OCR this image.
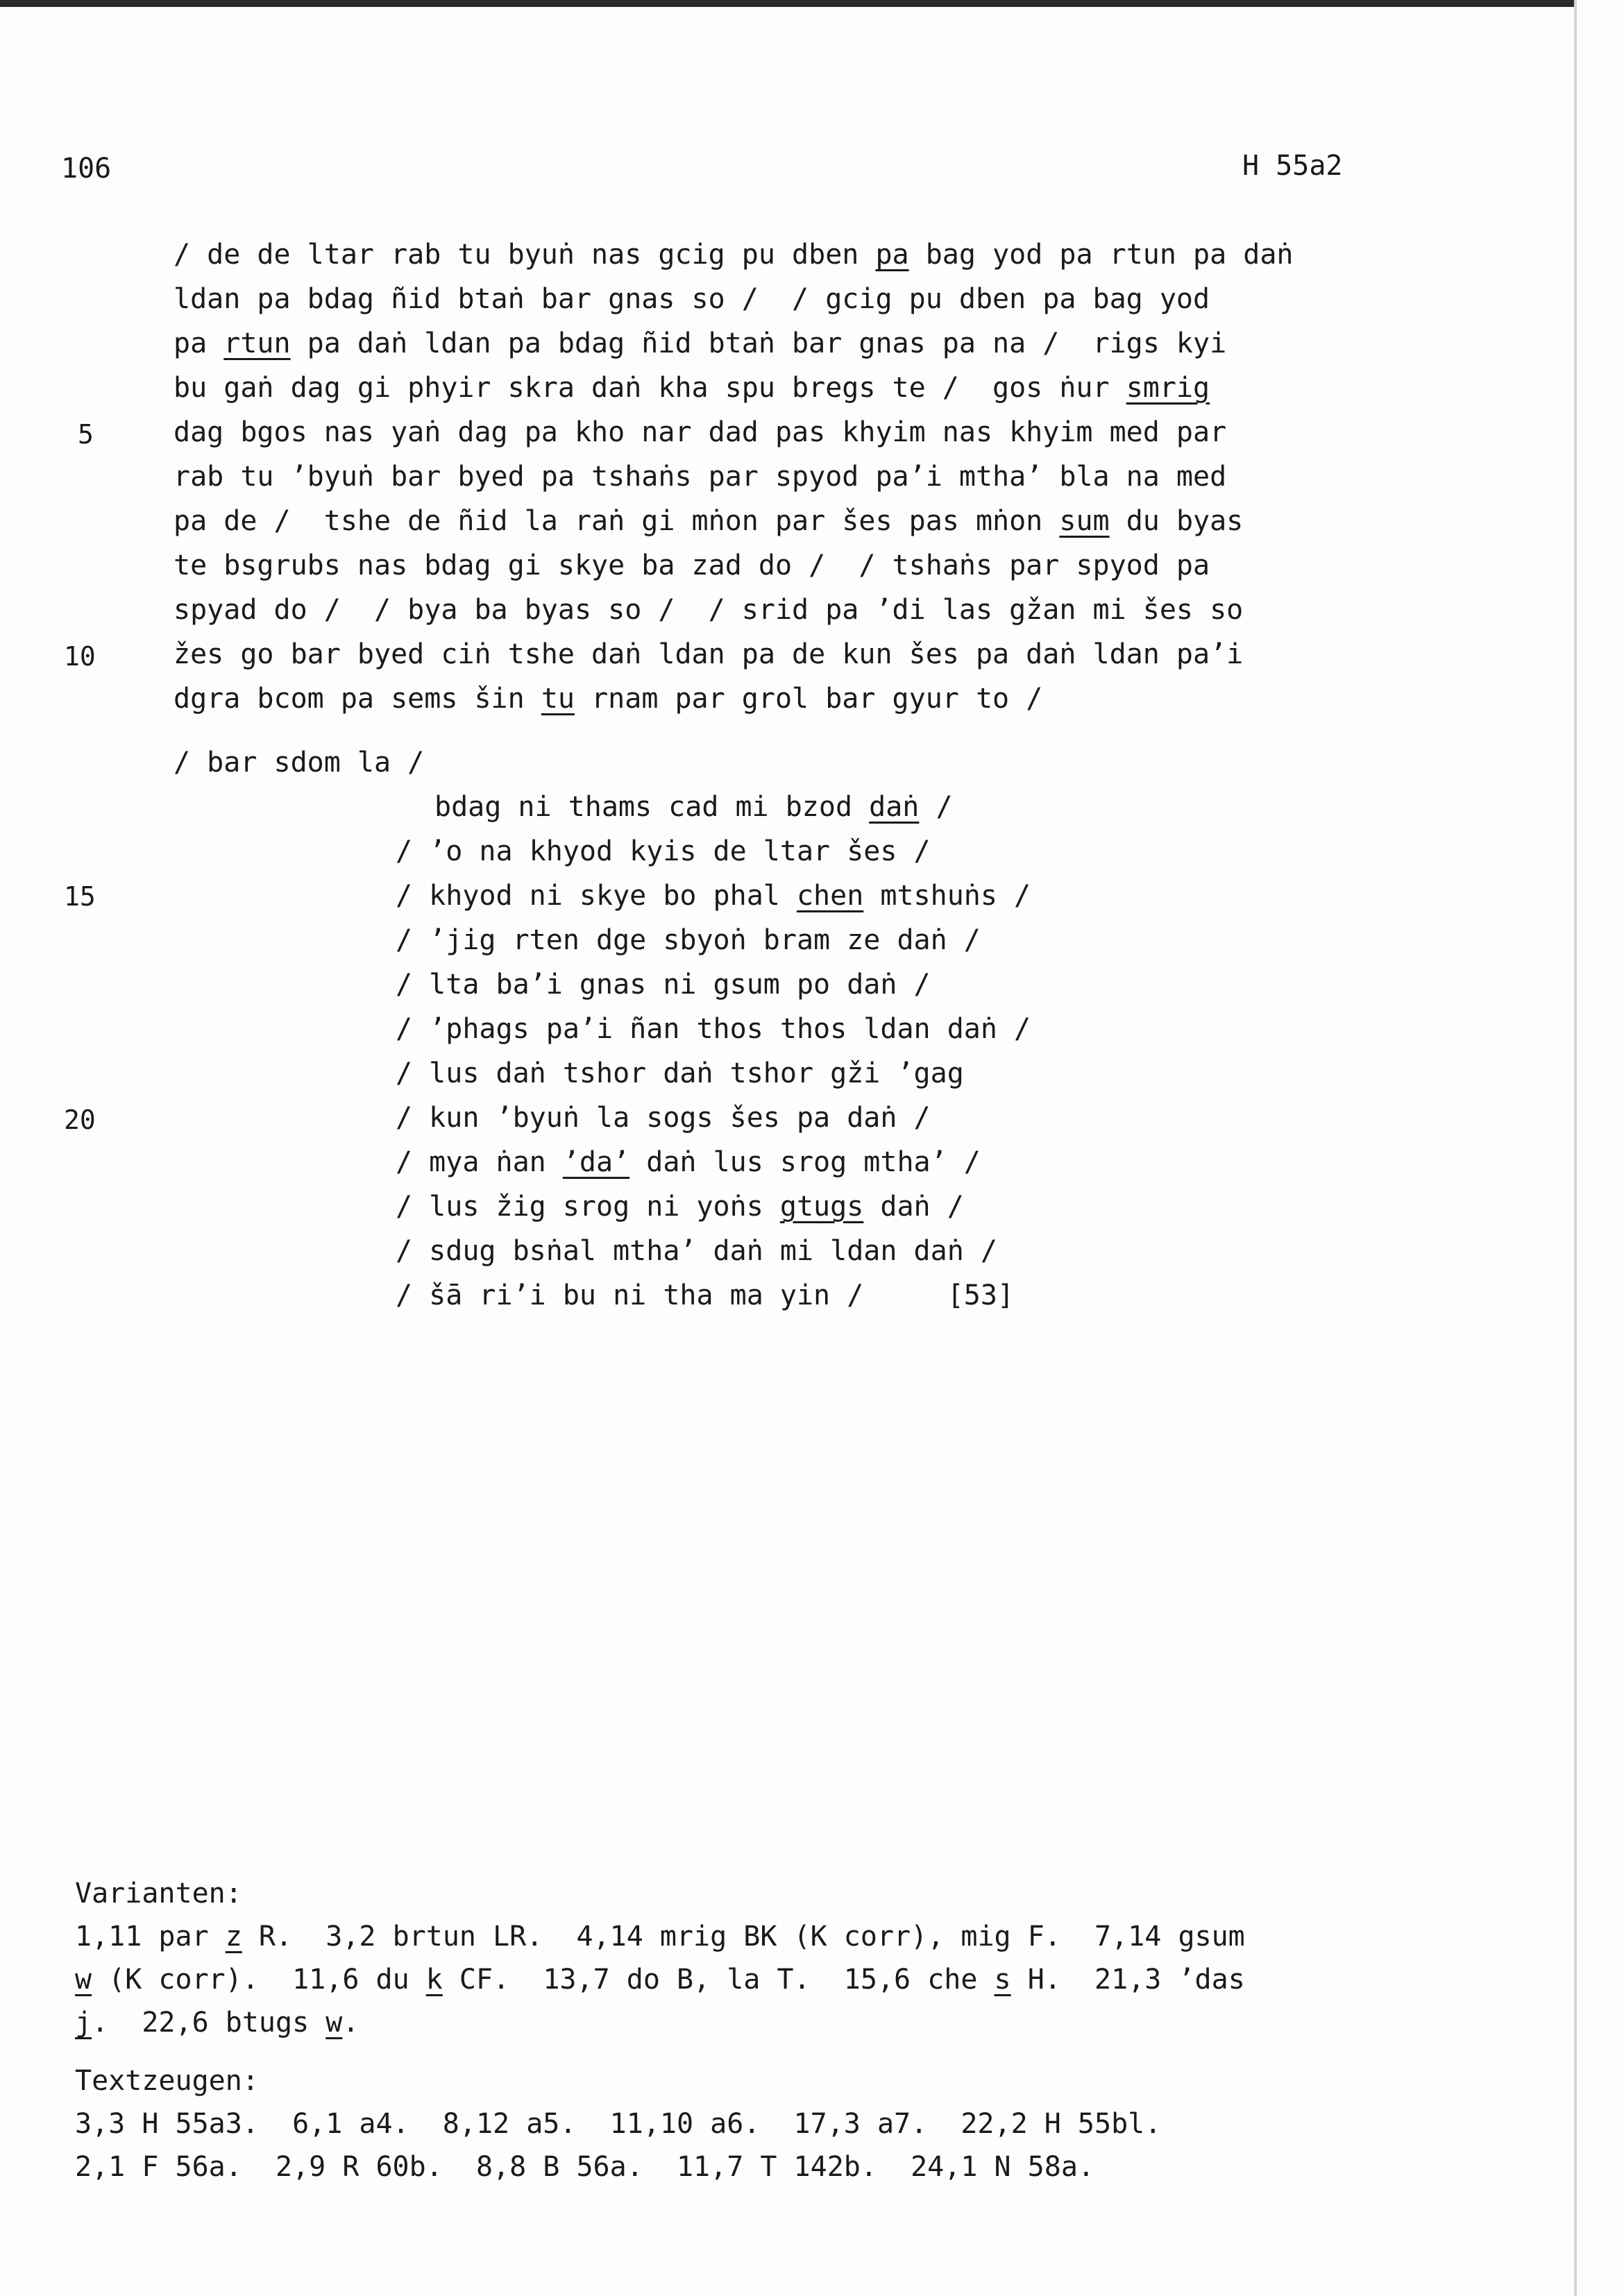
106	H 55a2
/ de de ltar rab tu byuṅ nas gcig pu dben pa bag yod pa rtun pa daṅ
ldan pa bdag ñid btaṅ bar gnas so /  / gcig pu dben pa bag yod
pa rtun pa daṅ ldan pa bdag ñid btaṅ bar gnas pa na /  rigs kyi
bu gaṅ dag gi phyir skra daṅ kha spu bregs te /  gos ṅur smrig
dag bgos nas yaṅ dag pa kho nar dad pas khyim nas khyim med par
rab tu ’byuṅ bar byed pa tshaṅs par spyod pa’i mtha’ bla na med
pa de /  tshe de ñid la raṅ gi mṅon par šes pas mṅon sum du byas
te bsgrubs nas bdag gi skye ba zad do /  / tshaṅs par spyod pa
spyad do /  / bya ba byas so /  / srid pa ’di las gžan mi šes so
žes go bar byed ciṅ tshe daṅ ldan pa de kun šes pa daṅ ldan pa’i
dgra bcom pa sems šin tu rnam par grol bar gyur to /
/ bar sdom la /
bdag ni thams cad mi bzod daṅ /
/ ’o na khyod kyis de ltar šes /
/ khyod ni skye bo phal chen mtshuṅs /
/ ’jig rten dge sbyoṅ bram ze daṅ /
/ lta ba’i gnas ni gsum po daṅ /
/ ’phags pa’i ñan thos thos ldan daṅ /
/ lus daṅ tshor daṅ tshor gži ’gag
/ kun ’byuṅ la sogs šes pa daṅ /
/ mya ṅan ’da’ daṅ lus srog mtha’ /
/ lus žig srog ni yoṅs gtugs daṅ /
/ sdug bsṅal mtha’ daṅ mi ldan daṅ /
/ šā ri’i bu ni tha ma yin /     [53]
5
10
15
20
Varianten:
1,11 par z R.  3,2 brtun LR.  4,14 mrig BK (K corr), mig F.  7,14 gsum
w (K corr).  11,6 du k CF.  13,7 do B, la T.  15,6 che s H.  21,3 ’das
j.  22,6 btugs w.
Textzeugen:
3,3 H 55a3.  6,1 a4.  8,12 a5.  11,10 a6.  17,3 a7.  22,2 H 55bl.
2,1 F 56a.  2,9 R 60b.  8,8 B 56a.  11,7 T 142b.  24,1 N 58a.
